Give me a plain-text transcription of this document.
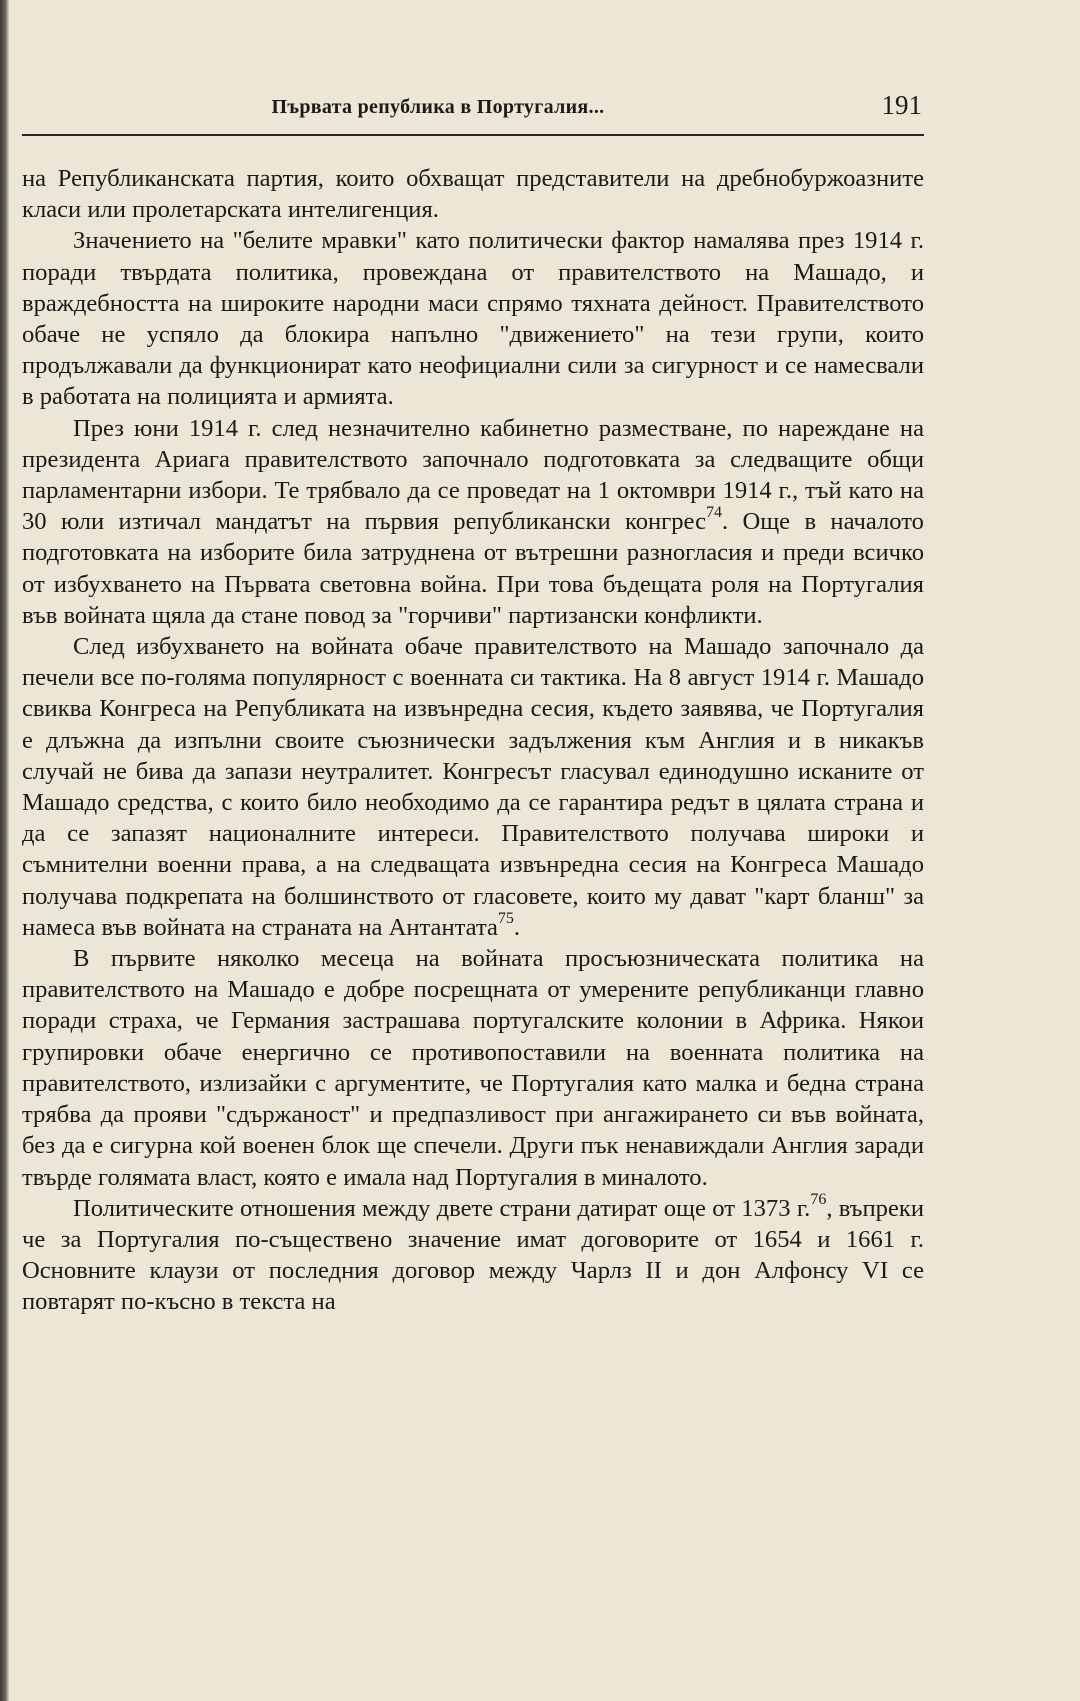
Първата република в Португалия...	191

на Републиканската партия, които обхващат представители на дребнобуржоазните класи или пролетарската интелигенция.

Значението на "белите мравки" като политически фактор намалява през 1914 г. поради твърдата политика, провеждана от правителството на Машадо, и враждебността на широките народни маси спрямо тяхната дейност. Правителството обаче не успяло да блокира напълно "движението" на тези групи, които продължавали да функционират като неофициални сили за сигурност и се намесвали в работата на полицията и армията.

През юни 1914 г. след незначително кабинетно разместване, по нареждане на президента Ариага правителството започнало подготовката за следващите общи парламентарни избори. Те трябвало да се проведат на 1 октомври 1914 г., тъй като на 30 юли изтичал мандатът на първия републикански конгрес$^{74}$. Още в началото подготовката на изборите била затруднена от вътрешни разногласия и преди всичко от избухването на Първата световна война. При това бъдещата роля на Португалия във войната щяла да стане повод за "горчиви" партизански конфликти.

След избухването на войната обаче правителството на Машадо започнало да печели все по-голяма популярност с военната си тактика. На 8 август 1914 г. Машадо свиква Конгреса на Републиката на извънредна сесия, където заявява, че Португалия е длъжна да изпълни своите съюзнически задължения към Англия и в никакъв случай не бива да запази неутралитет. Конгресът гласувал единодушно исканите от Машадо средства, с които било необходимо да се гарантира редът в цялата страна и да се запазят националните интереси. Правителството получава широки и съмнителни военни права, а на следващата извънредна сесия на Конгреса Машадо получава подкрепата на болшинството от гласовете, които му дават "карт бланш" за намеса във войната на страната на Антантата$^{75}$.

В първите няколко месеца на войната просъюзническата политика на правителството на Машадо е добре посрещната от умерените републиканци главно поради страха, че Германия застрашава португалските колонии в Африка. Някои групировки обаче енергично се противопоставили на военната политика на правителството, излизайки с аргументите, че Португалия като малка и бедна страна трябва да прояви "сдържаност" и предпазливост при ангажирането си във войната, без да е сигурна кой военен блок ще спечели. Други пък ненавиждали Англия заради твърде голямата власт, която е имала над Португалия в миналото.

Политическите отношения между двете страни датират още от 1373 г.$^{76}$, въпреки че за Португалия по-съществено значение имат договорите от 1654 и 1661 г. Основните клаузи от последния договор между Чарлз II и дон Алфонсу VI се повтарят по-късно в текста на
